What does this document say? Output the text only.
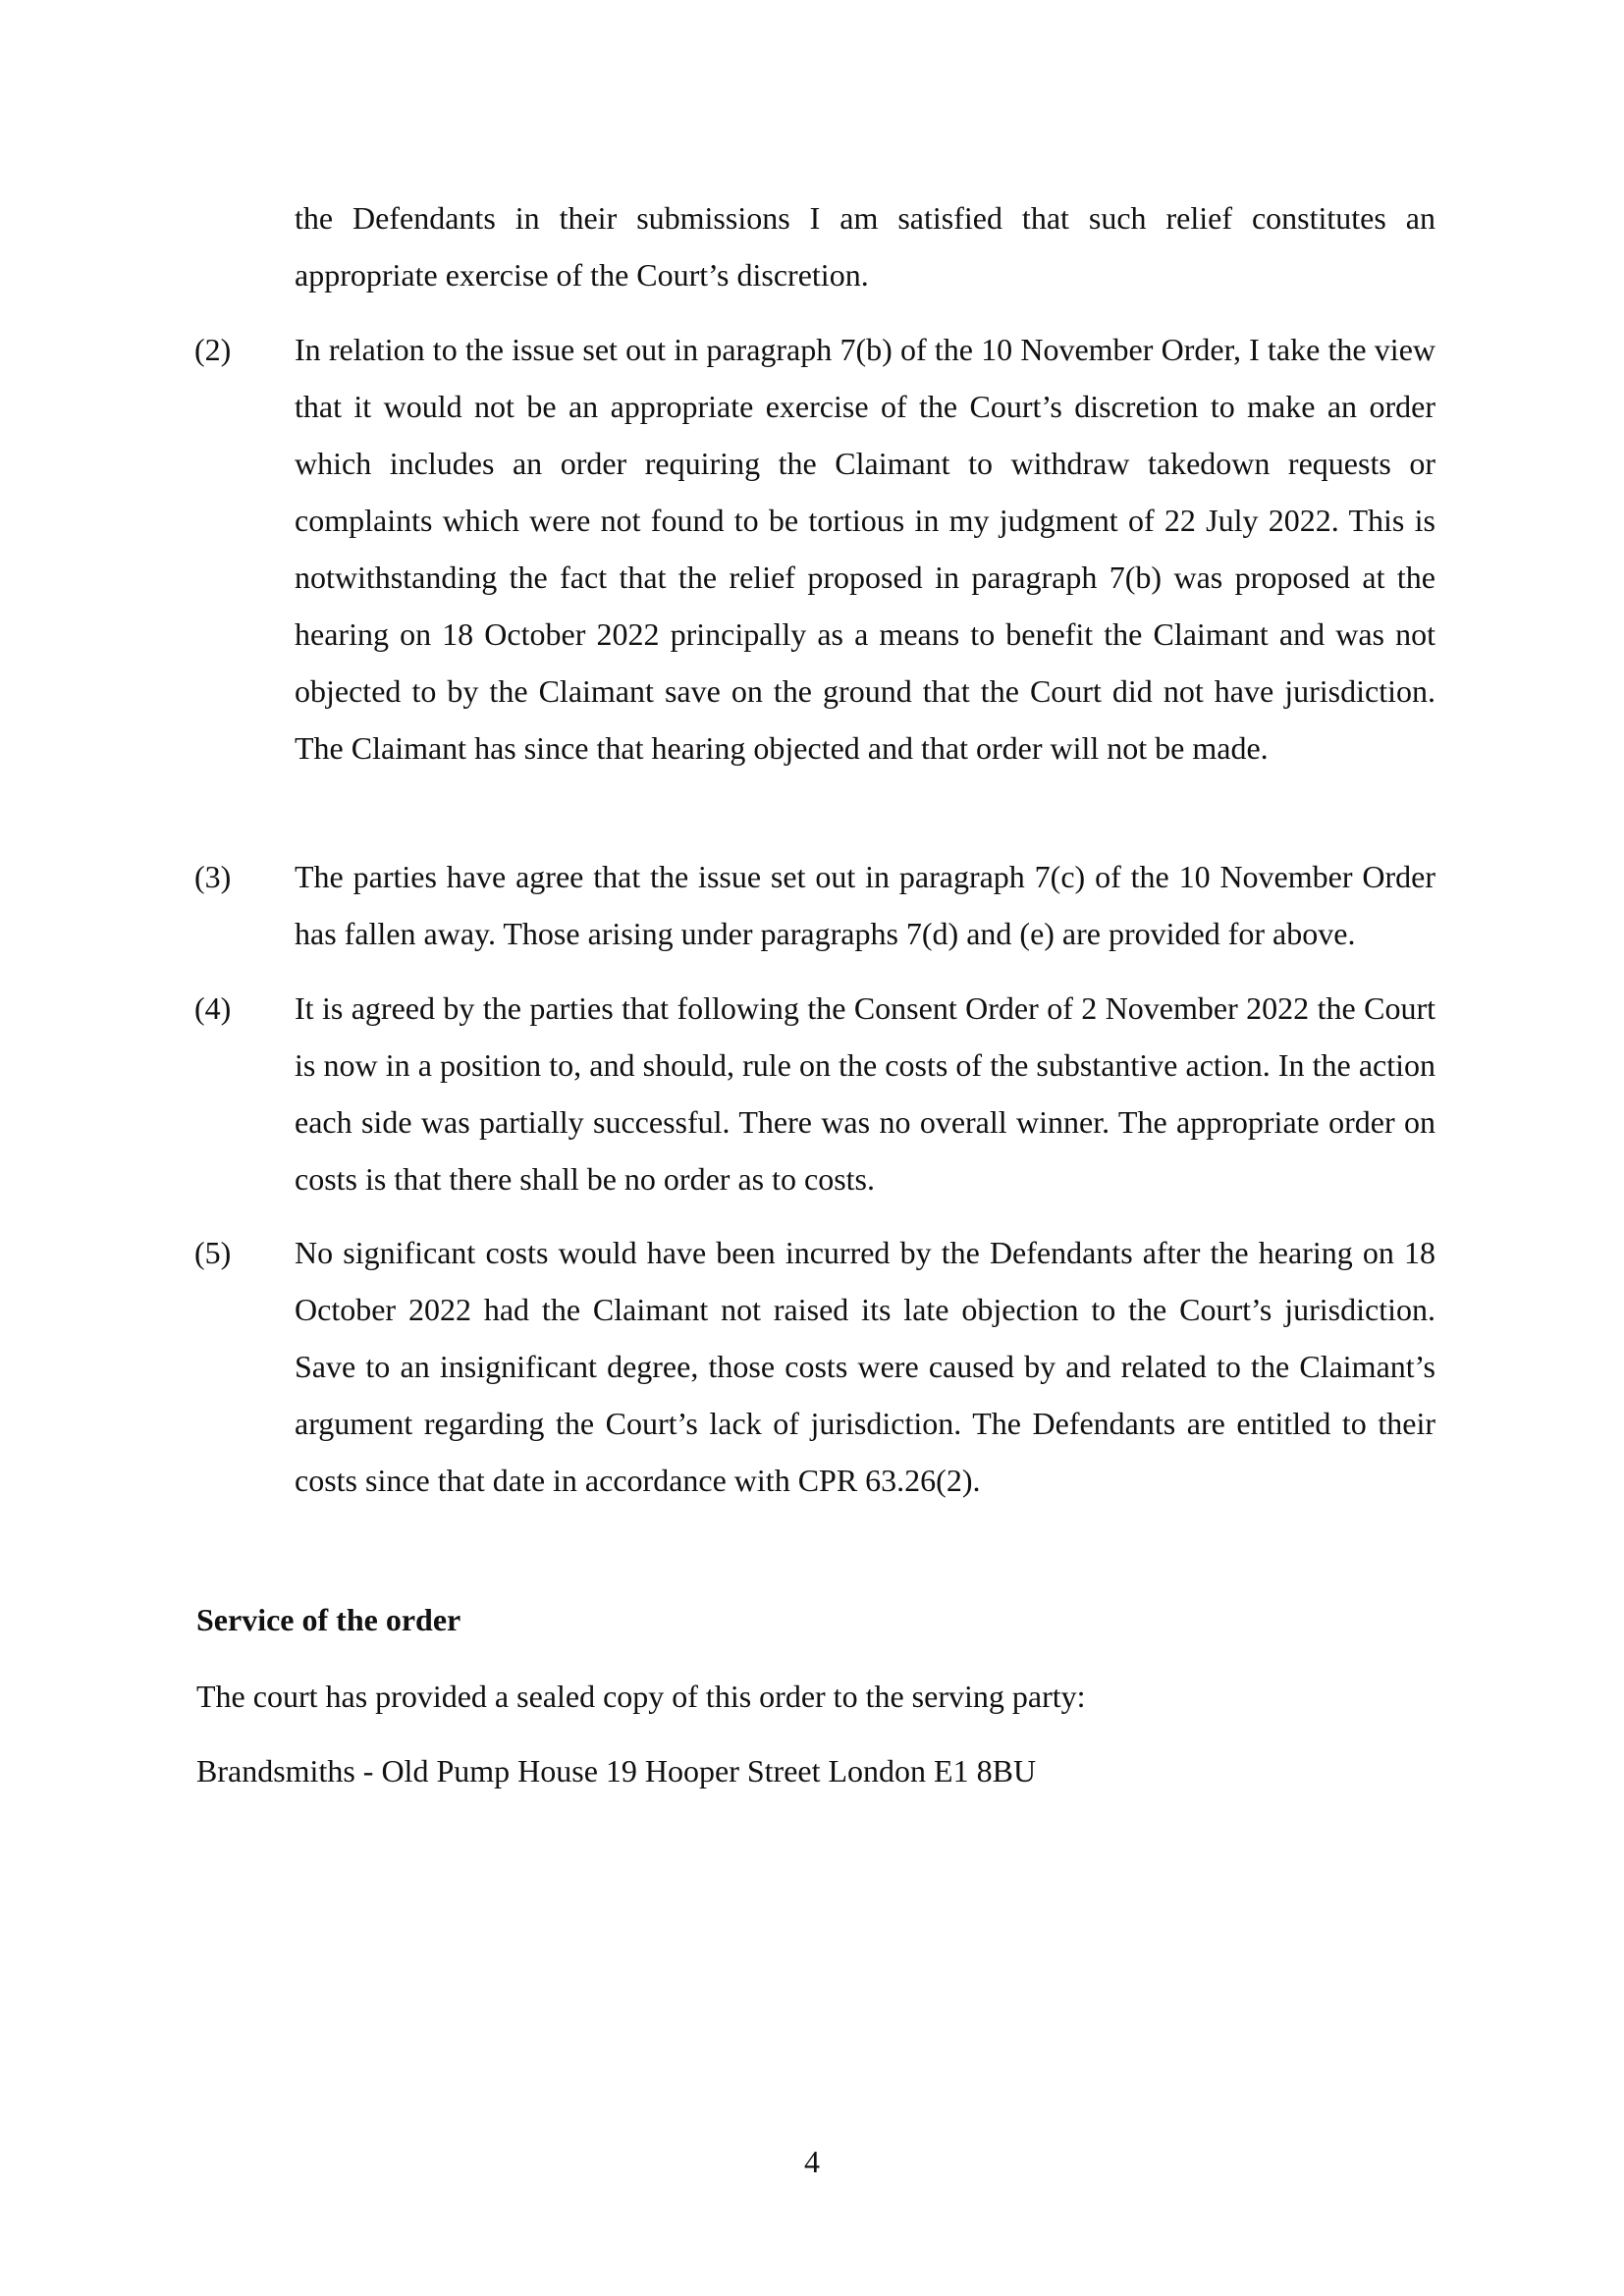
the Defendants in their submissions I am satisfied that such relief constitutes an appropriate exercise of the Court’s discretion.

(2) In relation to the issue set out in paragraph 7(b) of the 10 November Order, I take the view that it would not be an appropriate exercise of the Court’s discretion to make an order which includes an order requiring the Claimant to withdraw takedown requests or complaints which were not found to be tortious in my judgment of 22 July 2022. This is notwithstanding the fact that the relief proposed in paragraph 7(b) was proposed at the hearing on 18 October 2022 principally as a means to benefit the Claimant and was not objected to by the Claimant save on the ground that the Court did not have jurisdiction. The Claimant has since that hearing objected and that order will not be made.

(3) The parties have agree that the issue set out in paragraph 7(c) of the 10 November Order has fallen away. Those arising under paragraphs 7(d) and (e) are provided for above.

(4) It is agreed by the parties that following the Consent Order of 2 November 2022 the Court is now in a position to, and should, rule on the costs of the substantive action. In the action each side was partially successful. There was no overall winner. The appropriate order on costs is that there shall be no order as to costs.

(5) No significant costs would have been incurred by the Defendants after the hearing on 18 October 2022 had the Claimant not raised its late objection to the Court’s jurisdiction. Save to an insignificant degree, those costs were caused by and related to the Claimant’s argument regarding the Court’s lack of jurisdiction. The Defendants are entitled to their costs since that date in accordance with CPR 63.26(2).

Service of the order
The court has provided a sealed copy of this order to the serving party:
Brandsmiths - Old Pump House 19 Hooper Street London E1 8BU
4
